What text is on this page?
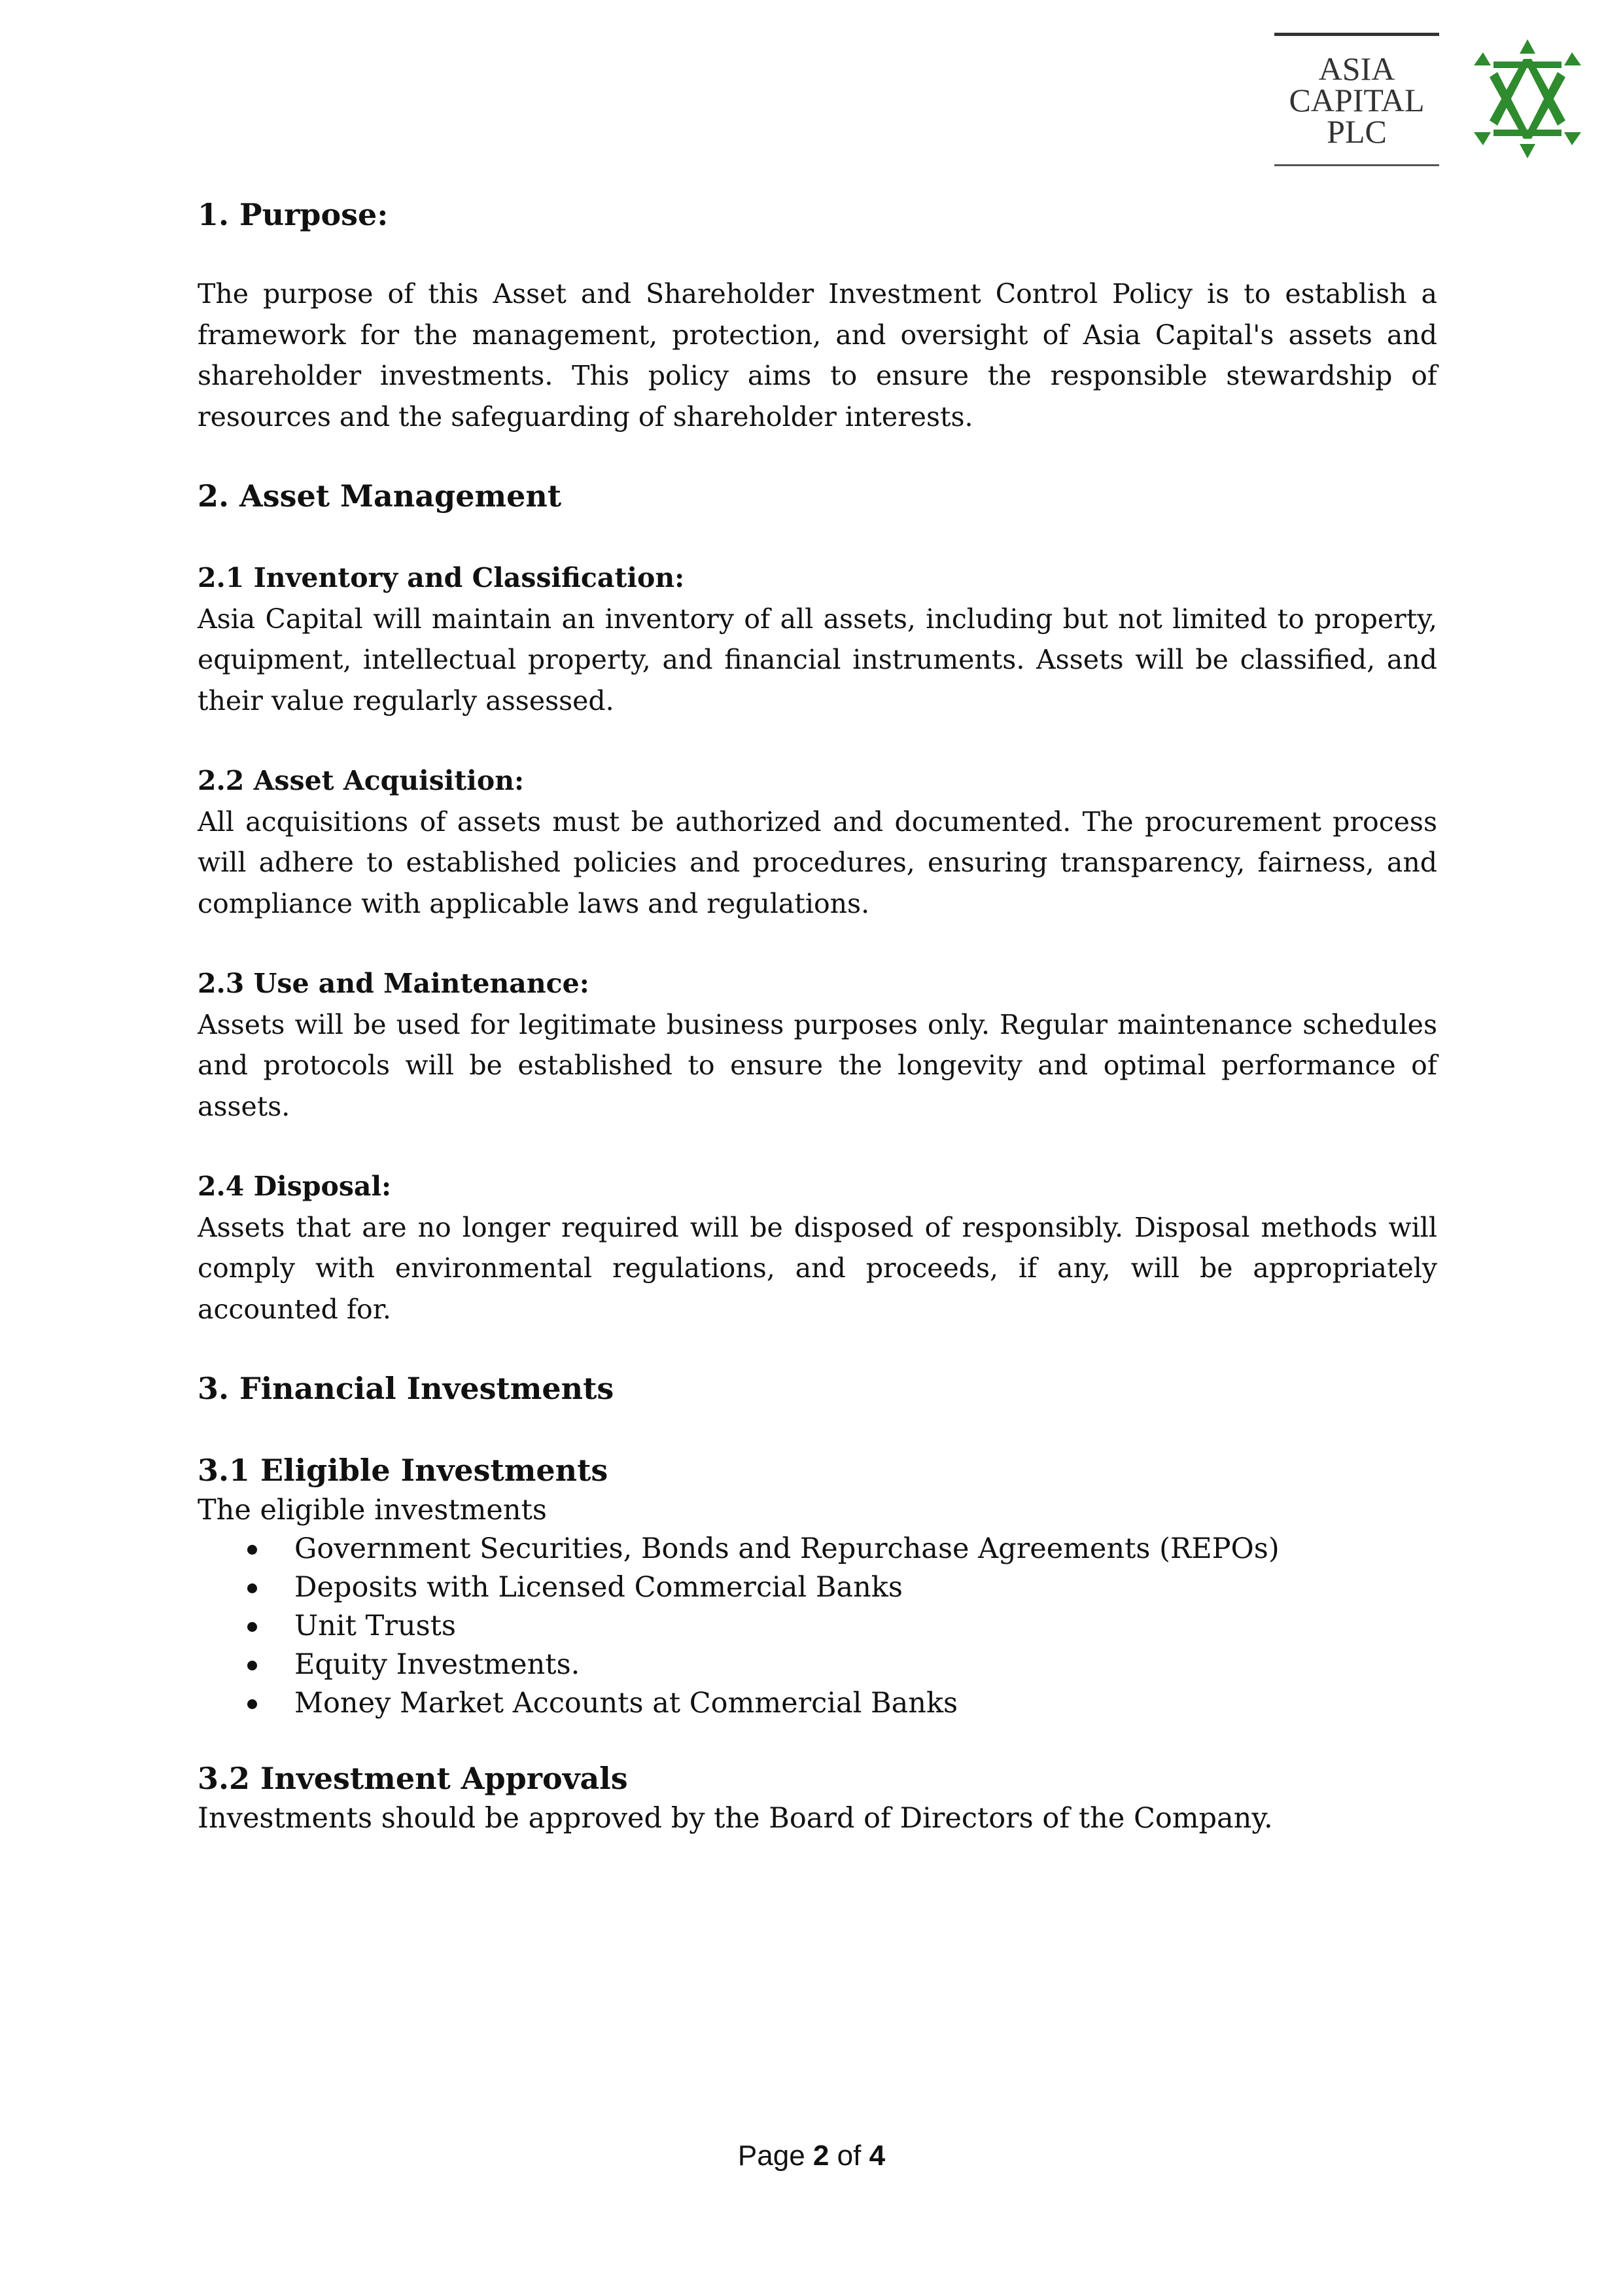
ASIA
CAPITAL
PLC
1. Purpose:

The purpose of this Asset and Shareholder Investment Control Policy is to establish a framework for the management, protection, and oversight of Asia Capital's assets and shareholder investments. This policy aims to ensure the responsible stewardship of resources and the safeguarding of shareholder interests.

2. Asset Management
2.1 Inventory and Classification:

Asia Capital will maintain an inventory of all assets, including but not limited to property, equipment, intellectual property, and financial instruments. Assets will be classified, and their value regularly assessed.

2.2 Asset Acquisition:

All acquisitions of assets must be authorized and documented. The procurement process will adhere to established policies and procedures, ensuring transparency, fairness, and compliance with applicable laws and regulations.

2.3 Use and Maintenance:

Assets will be used for legitimate business purposes only. Regular maintenance schedules and protocols will be established to ensure the longevity and optimal performance of assets.

2.4 Disposal:

Assets that are no longer required will be disposed of responsibly. Disposal methods will comply with environmental regulations, and proceeds, if any, will be appropriately accounted for.

3. Financial Investments
3.1 Eligible Investments

The eligible investments

Government Securities, Bonds and Repurchase Agreements (REPOs)
Deposits with Licensed Commercial Banks
Unit Trusts
Equity Investments.
Money Market Accounts at Commercial Banks
3.2 Investment Approvals

Investments should be approved by the Board of Directors of the Company.

Page 2 of 4
